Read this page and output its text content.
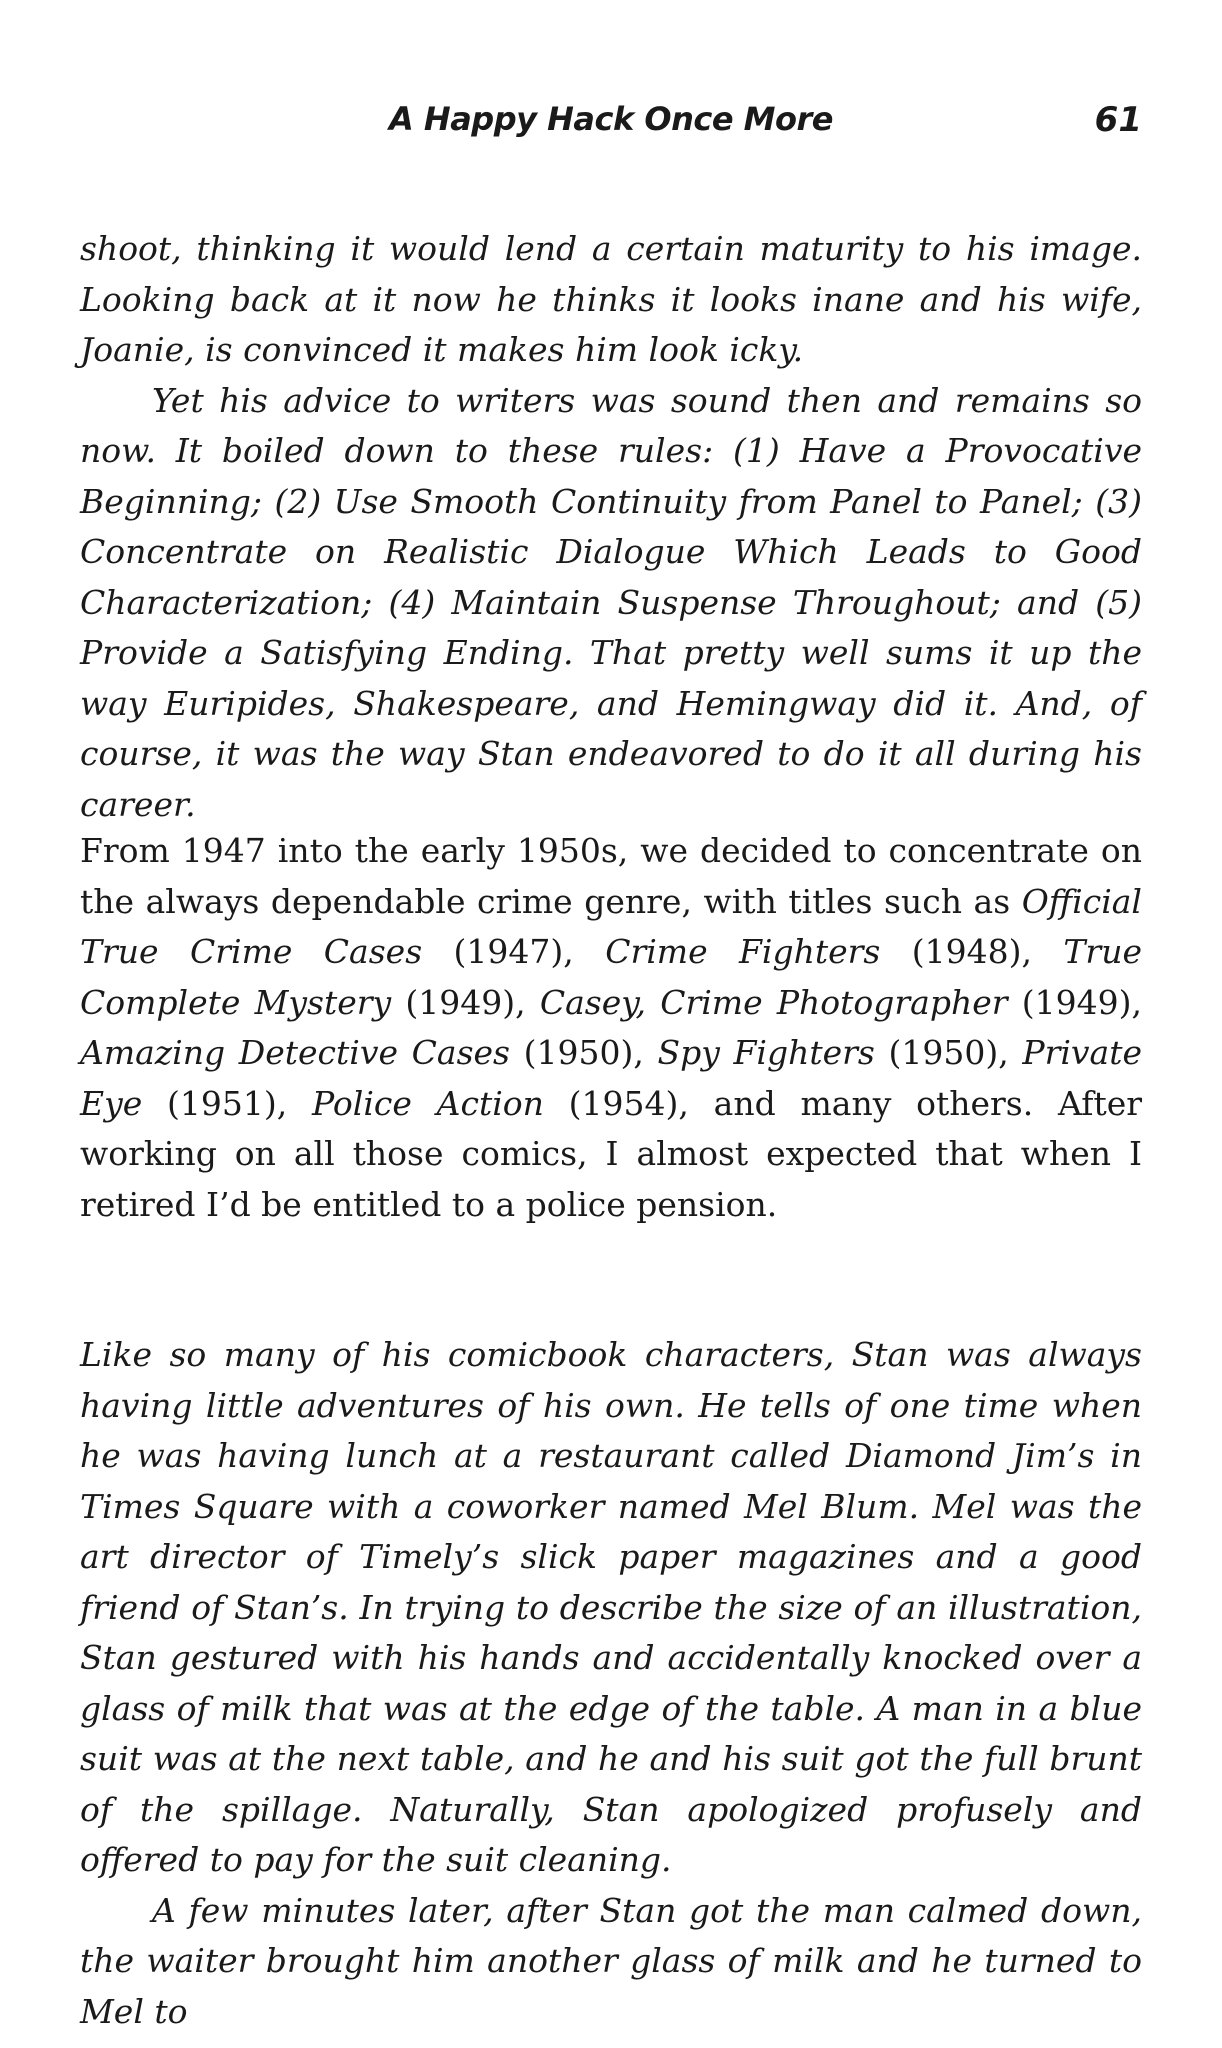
A Happy Hack Once More	61

shoot, thinking it would lend a certain maturity to his image. Looking back at it now he thinks it looks inane and his wife, Joanie, is convinced it makes him look icky.

Yet his advice to writers was sound then and remains so now. It boiled down to these rules: (1) Have a Provocative Beginning; (2) Use Smooth Continuity from Panel to Panel; (3) Concentrate on Realistic Dialogue Which Leads to Good Characterization; (4) Maintain Suspense Throughout; and (5) Provide a Satisfying Ending. That pretty well sums it up the way Euripides, Shakespeare, and Hemingway did it. And, of course, it was the way Stan endeavored to do it all during his career.

From 1947 into the early 1950s, we decided to concentrate on the always dependable crime genre, with titles such as Official True Crime Cases (1947), Crime Fighters (1948), True Complete Mystery (1949), Casey, Crime Photographer (1949), Amazing Detective Cases (1950), Spy Fighters (1950), Private Eye (1951), Police Action (1954), and many others. After working on all those comics, I almost expected that when I retired I’d be entitled to a police pension.

Like so many of his comicbook characters, Stan was always having little adventures of his own. He tells of one time when he was having lunch at a restaurant called Diamond Jim’s in Times Square with a coworker named Mel Blum. Mel was the art director of Timely’s slick paper magazines and a good friend of Stan’s. In trying to describe the size of an illustration, Stan gestured with his hands and accidentally knocked over a glass of milk that was at the edge of the table. A man in a blue suit was at the next table, and he and his suit got the full brunt of the spillage. Naturally, Stan apologized profusely and offered to pay for the suit cleaning.

A few minutes later, after Stan got the man calmed down, the waiter brought him another glass of milk and he turned to Mel to
